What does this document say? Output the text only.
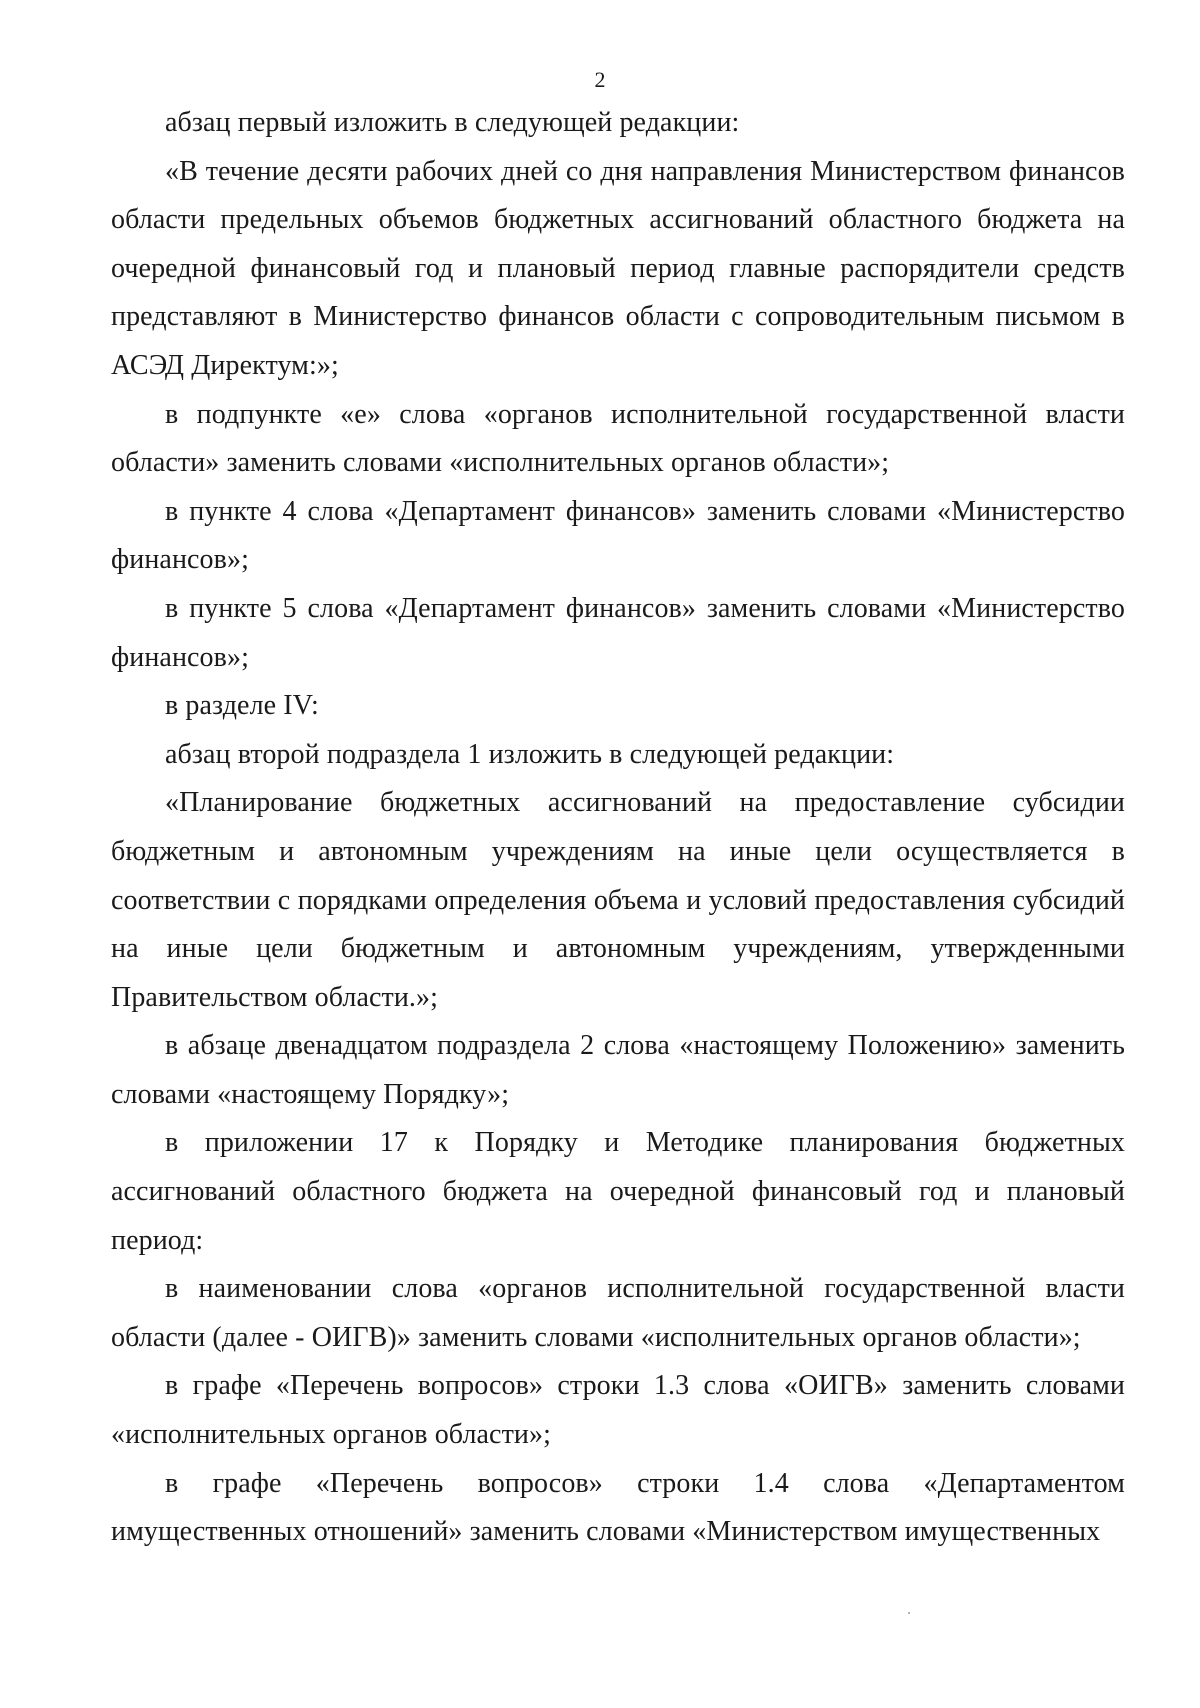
2

абзац первый изложить в следующей редакции:

«В течение десяти рабочих дней со дня направления Министерством финансов области предельных объемов бюджетных ассигнований областного бюджета на очередной финансовый год и плановый период главные распорядители средств представляют в Министерство финансов области с сопроводительным письмом в АСЭД Директум:»;

в подпункте «е» слова «органов исполнительной государственной власти области» заменить словами «исполнительных органов области»;

в пункте 4 слова «Департамент финансов» заменить словами «Министерство финансов»;

в пункте 5 слова «Департамент финансов» заменить словами «Министерство финансов»;

в разделе IV:

абзац второй подраздела 1 изложить в следующей редакции:

«Планирование бюджетных ассигнований на предоставление субсидии бюджетным и автономным учреждениям на иные цели осуществляется в соответствии с порядками определения объема и условий предоставления субсидий на иные цели бюджетным и автономным учреждениям, утвержденными Правительством области.»;

в абзаце двенадцатом подраздела 2 слова «настоящему Положению» заменить словами «настоящему Порядку»;

в приложении 17 к Порядку и Методике планирования бюджетных ассигнований областного бюджета на очередной финансовый год и плановый период:

в наименовании слова «органов исполнительной государственной власти области (далее - ОИГВ)» заменить словами «исполнительных органов области»;

в графе «Перечень вопросов» строки 1.3 слова «ОИГВ» заменить словами «исполнительных органов области»;

в графе «Перечень вопросов» строки 1.4 слова «Департаментом имущественных отношений» заменить словами «Министерством имущественных
